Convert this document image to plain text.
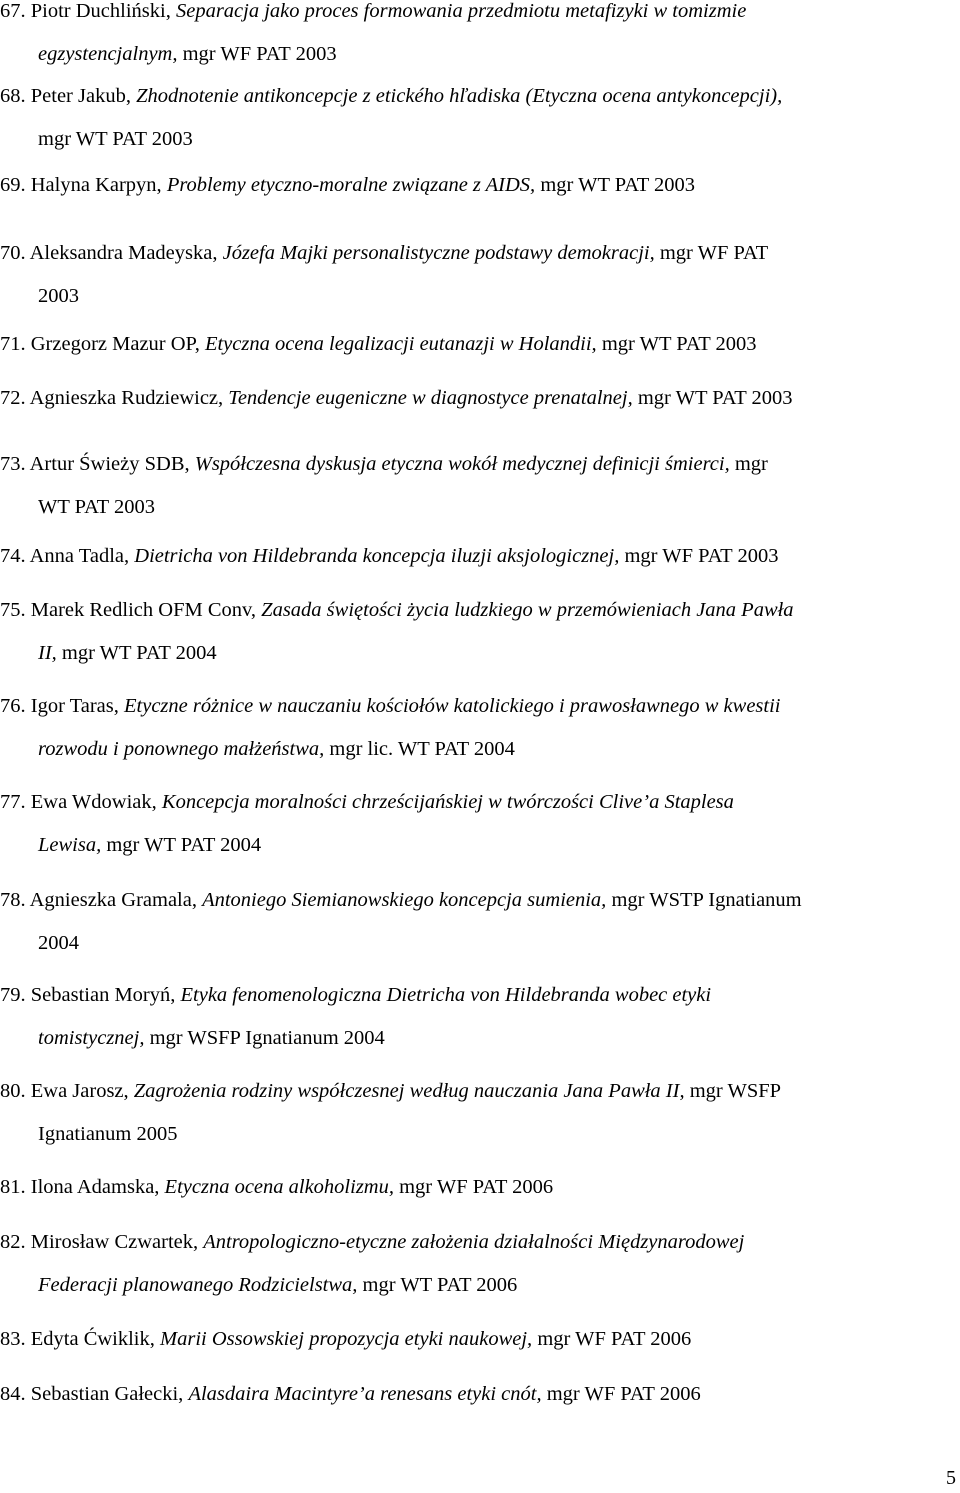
67. Piotr Duchliński, Separacja jako proces formowania przedmiotu metafizyki w tomizmie
egzystencjalnym, mgr WF PAT 2003

68. Peter Jakub, Zhodnotenie antikoncepcje z etického hľadiska (Etyczna ocena antykoncepcji),
mgr WT PAT 2003

69. Halyna Karpyn, Problemy etyczno-moralne związane z AIDS, mgr WT PAT 2003

70. Aleksandra Madeyska, Józefa Majki personalistyczne podstawy demokracji, mgr WF PAT
2003

71. Grzegorz Mazur OP, Etyczna ocena legalizacji eutanazji w Holandii, mgr WT PAT 2003

72. Agnieszka Rudziewicz, Tendencje eugeniczne w diagnostyce prenatalnej, mgr WT PAT 2003

73. Artur Świeży SDB, Współczesna dyskusja etyczna wokół medycznej definicji śmierci, mgr
WT PAT 2003

74. Anna Tadla, Dietricha von Hildebranda koncepcja iluzji aksjologicznej, mgr WF PAT 2003

75. Marek Redlich OFM Conv, Zasada świętości życia ludzkiego w przemówieniach Jana Pawła
II, mgr WT PAT 2004

76. Igor Taras, Etyczne różnice w nauczaniu kościołów katolickiego i prawosławnego w kwestii
rozwodu i ponownego małżeństwa, mgr lic. WT PAT 2004

77. Ewa Wdowiak, Koncepcja moralności chrześcijańskiej w twórczości Clive’a Staplesa
Lewisa, mgr WT PAT 2004

78. Agnieszka Gramala, Antoniego Siemianowskiego koncepcja sumienia, mgr WSTP Ignatianum
2004

79. Sebastian Moryń, Etyka fenomenologiczna Dietricha von Hildebranda wobec etyki
tomistycznej, mgr WSFP Ignatianum 2004

80. Ewa Jarosz, Zagrożenia rodziny współczesnej według nauczania Jana Pawła II, mgr WSFP
Ignatianum 2005

81. Ilona Adamska, Etyczna ocena alkoholizmu, mgr WF PAT 2006

82. Mirosław Czwartek, Antropologiczno-etyczne założenia działalności Międzynarodowej
Federacji planowanego Rodzicielstwa, mgr WT PAT 2006

83. Edyta Ćwiklik, Marii Ossowskiej propozycja etyki naukowej, mgr WF PAT 2006

84. Sebastian Gałecki, Alasdaira Macintyre’a renesans etyki cnót, mgr WF PAT 2006

5
